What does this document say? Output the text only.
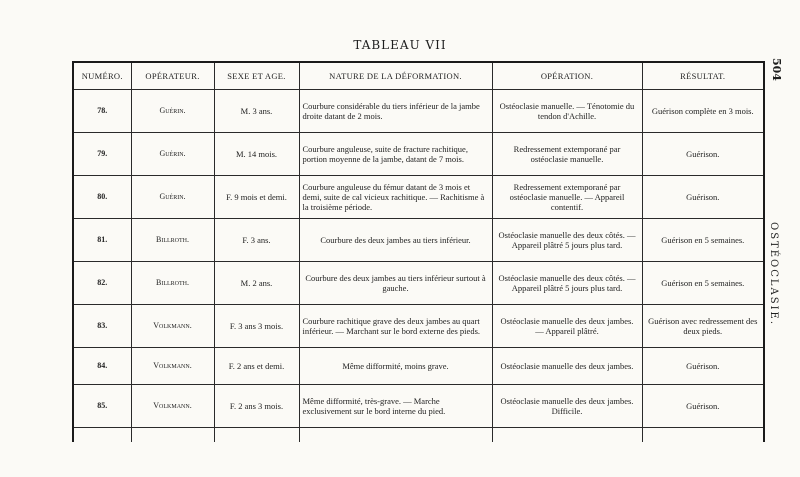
TABLEAU VII
504
OSTÉOCLASIE.
NUMÉRO.	OPÉRATEUR.	SEXE ET AGE.	NATURE DE LA DÉFORMATION.	OPÉRATION.	RÉSULTAT.
78.	Guérin.	M. 3 ans.	Courbure considérable du tiers inférieur de la jambe droite datant de 2 mois.	Ostéoclasie manuelle. — Ténotomie du tendon d'Achille.	Guérison complète en 3 mois.
79.	Guérin.	M. 14 mois.	Courbure anguleuse, suite de fracture rachitique, portion moyenne de la jambe, datant de 7 mois.	Redressement extemporané par ostéoclasie manuelle.	Guérison.
80.	Guérin.	F. 9 mois et demi.	Courbure anguleuse du fémur datant de 3 mois et demi, suite de cal vicieux rachitique. — Rachitisme à la troisième période.	Redressement extemporané par ostéoclasie manuelle. — Appareil contentif.	Guérison.
81.	Billroth.	F. 3 ans.	Courbure des deux jambes au tiers inférieur.	Ostéoclasie manuelle des deux côtés. — Appareil plâtré 5 jours plus tard.	Guérison en 5 semaines.
82.	Billroth.	M. 2 ans.	Courbure des deux jambes au tiers inférieur surtout à gauche.	Ostéoclasie manuelle des deux côtés. — Appareil plâtré 5 jours plus tard.	Guérison en 5 semaines.
83.	Volkmann.	F. 3 ans 3 mois.	Courbure rachitique grave des deux jambes au quart inférieur. — Marchant sur le bord externe des pieds.	Ostéoclasie manuelle des deux jambes. — Appareil plâtré.	Guérison avec redressement des deux pieds.
84.	Volkmann.	F. 2 ans et demi.	Même difformité, moins grave.	Ostéoclasie manuelle des deux jambes.	Guérison.
85.	Volkmann.	F. 2 ans 3 mois.	Même difformité, très-grave. — Marche exclusivement sur le bord interne du pied.	Ostéoclasie manuelle des deux jambes. Difficile.	Guérison.
